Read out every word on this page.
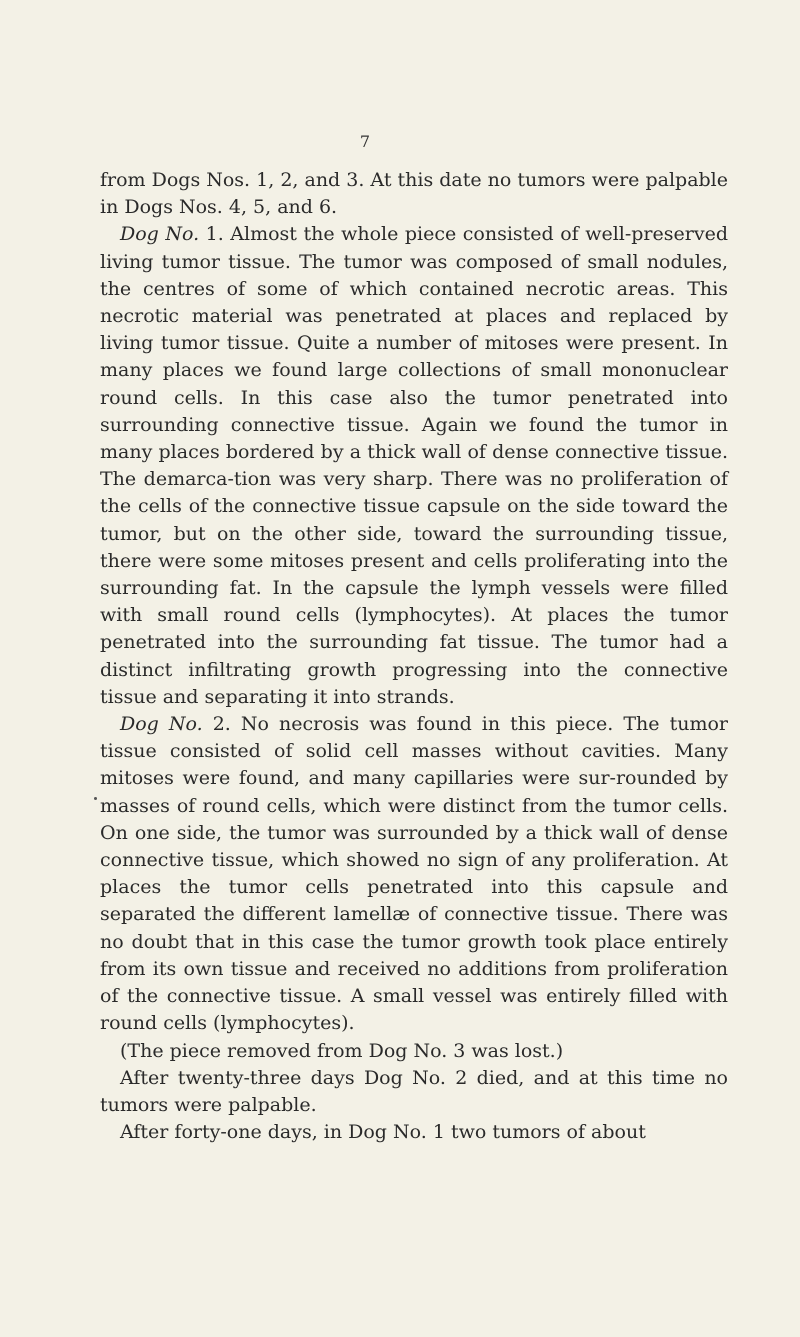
7

from Dogs Nos. 1, 2, and 3. At this date no tumors were palpable in Dogs Nos. 4, 5, and 6.

Dog No. 1. Almost the whole piece consisted of well-preserved living tumor tissue. The tumor was composed of small nodules, the centres of some of which contained necrotic areas. This necrotic material was penetrated at places and replaced by living tumor tissue. Quite a number of mitoses were present. In many places we found large collections of small mononuclear round cells. In this case also the tumor penetrated into surrounding connective tissue. Again we found the tumor in many places bordered by a thick wall of dense connective tissue. The demarca-tion was very sharp. There was no proliferation of the cells of the connective tissue capsule on the side toward the tumor, but on the other side, toward the surrounding tissue, there were some mitoses present and cells proliferating into the surrounding fat. In the capsule the lymph vessels were filled with small round cells (lymphocytes). At places the tumor penetrated into the surrounding fat tissue. The tumor had a distinct infiltrating growth progressing into the connective tissue and separating it into strands.

Dog No. 2. No necrosis was found in this piece. The tumor tissue consisted of solid cell masses without cavities. Many mitoses were found, and many capillaries were sur-rounded by masses of round cells, which were distinct from the tumor cells. On one side, the tumor was surrounded by a thick wall of dense connective tissue, which showed no sign of any proliferation. At places the tumor cells penetrated into this capsule and separated the different lamellæ of connective tissue. There was no doubt that in this case the tumor growth took place entirely from its own tissue and received no additions from proliferation of the connective tissue. A small vessel was entirely filled with round cells (lymphocytes).

(The piece removed from Dog No. 3 was lost.)

After twenty-three days Dog No. 2 died, and at this time no tumors were palpable.

After forty-one days, in Dog No. 1 two tumors of about
